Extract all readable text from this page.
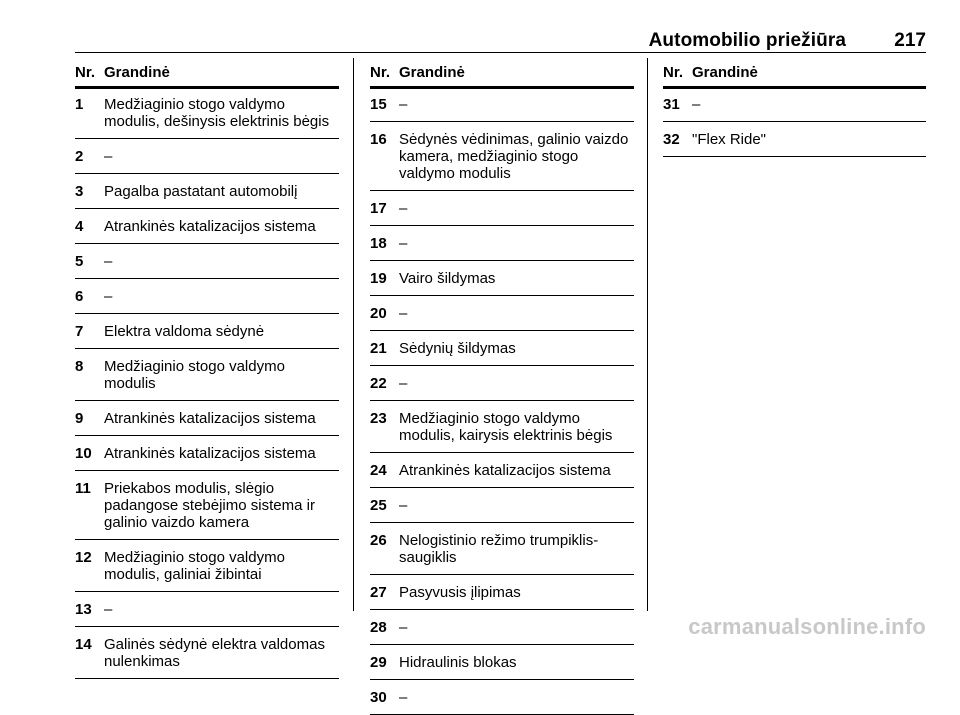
Automobilio priežiūra	217
Nr. Grandinė
1	Medžiaginio stogo valdymo modulis, dešinysis elektrinis bėgis
2	–
3	Pagalba pastatant automobilį
4	Atrankinės katalizacijos sistema
5	–
6	–
7	Elektra valdoma sėdynė
8	Medžiaginio stogo valdymo modulis
9	Atrankinės katalizacijos sistema
10 Atrankinės katalizacijos sistema
11 Priekabos modulis, slėgio padangose stebėjimo sistema ir galinio vaizdo kamera
12 Medžiaginio stogo valdymo modulis, galiniai žibintai
13 –
14 Galinės sėdynė elektra valdomas nulenkimas
Nr. Grandinė
15 –
16 Sėdynės vėdinimas, galinio vaizdo kamera, medžiaginio stogo valdymo modulis
17 –
18 –
19 Vairo šildymas
20 –
21 Sėdynių šildymas
22 –
23 Medžiaginio stogo valdymo modulis, kairysis elektrinis bėgis
24 Atrankinės katalizacijos sistema
25 –
26 Nelogistinio režimo trumpiklis-saugiklis
27 Pasyvusis įlipimas
28 –
29 Hidraulinis blokas
30 –
Nr. Grandinė
31 –
32 "Flex Ride"
carmanualsonline.info
